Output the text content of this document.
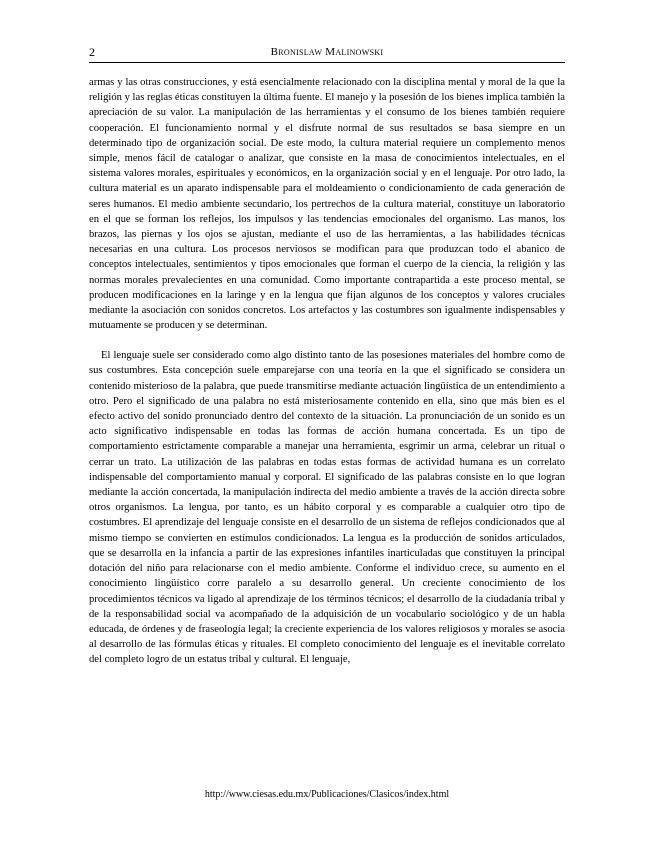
2	Bronislaw Malinowski

armas y las otras construcciones, y está esencialmente relacionado con la disciplina mental y moral de la que la religión y las reglas éticas constituyen la última fuente. El manejo y la posesión de los bienes implica también la apreciación de su valor. La manipulación de las herramientas y el consumo de los bienes también requiere cooperación. El funcionamiento normal y el disfrute normal de sus resultados se basa siempre en un determinado tipo de organización social. De este modo, la cultura material requiere un complemento menos simple, menos fácil de catalogar o analizar, que consiste en la masa de conocimientos intelectuales, en el sistema valores morales, espirituales y económicos, en la organización social y en el lenguaje. Por otro lado, la cultura material es un aparato indispensable para el moldeamiento o condicionamiento de cada generación de seres humanos. El medio ambiente secundario, los pertrechos de la cultura material, constituye un laboratorio en el que se forman los reflejos, los impulsos y las tendencias emocionales del organismo. Las manos, los brazos, las piernas y los ojos se ajustan, mediante el uso de las herramientas, a las habilidades técnicas necesarias en una cultura. Los procesos nerviosos se modifican para que produzcan todo el abanico de conceptos intelectuales, sentimientos y tipos emocionales que forman el cuerpo de la ciencia, la religión y las normas morales prevalecientes en una comunidad. Como importante contrapartida a este proceso mental, se producen modificaciones en la laringe y en la lengua que fijan algunos de los conceptos y valores cruciales mediante la asociación con sonidos concretos. Los artefactos y las costumbres son igualmente indispensables y mutuamente se producen y se determinan.

El lenguaje suele ser considerado como algo distinto tanto de las posesiones materiales del hombre como de sus costumbres. Esta concepción suele emparejarse con una teoría en la que el significado se considera un contenido misterioso de la palabra, que puede transmitirse mediante actuación lingüística de un entendimiento a otro. Pero el significado de una palabra no está misteriosamente contenido en ella, sino que más bien es el efecto activo del sonido pronunciado dentro del contexto de la situación. La pronunciación de un sonido es un acto significativo indispensable en todas las formas de acción humana concertada. Es un tipo de comportamiento estrictamente comparable a manejar una herramienta, esgrimir un arma, celebrar un ritual o cerrar un trato. La utilización de las palabras en todas estas formas de actividad humana es un correlato indispensable del comportamiento manual y corporal. El significado de las palabras consiste en lo que logran mediante la acción concertada, la manipulación indirecta del medio ambiente a través de la acción directa sobre otros organismos. La lengua, por tanto, es un hábito corporal y es comparable a cualquier otro tipo de costumbres. El aprendizaje del lenguaje consiste en el desarrollo de un sistema de reflejos condicionados que al mismo tiempo se convierten en estímulos condicionados. La lengua es la producción de sonidos articulados, que se desarrolla en la infancia a partir de las expresiones infantiles inarticuladas que constituyen la principal dotación del niño para relacionarse con el medio ambiente. Conforme el individuo crece, su aumento en el conocimiento lingüístico corre paralelo a su desarrollo general. Un creciente conocimiento de los procedimientos técnicos va ligado al aprendizaje de los términos técnicos; el desarrollo de la ciudadanía tribal y de la responsabilidad social va acompañado de la adquisición de un vocabulario sociológico y de un habla educada, de órdenes y de fraseología legal; la creciente experiencia de los valores religiosos y morales se asocia al desarrollo de las fórmulas éticas y rituales. El completo conocimiento del lenguaje es el inevitable correlato del completo logro de un estatus tribal y cultural. El lenguaje,

http://www.ciesas.edu.mx/Publicaciones/Clasicos/index.html
